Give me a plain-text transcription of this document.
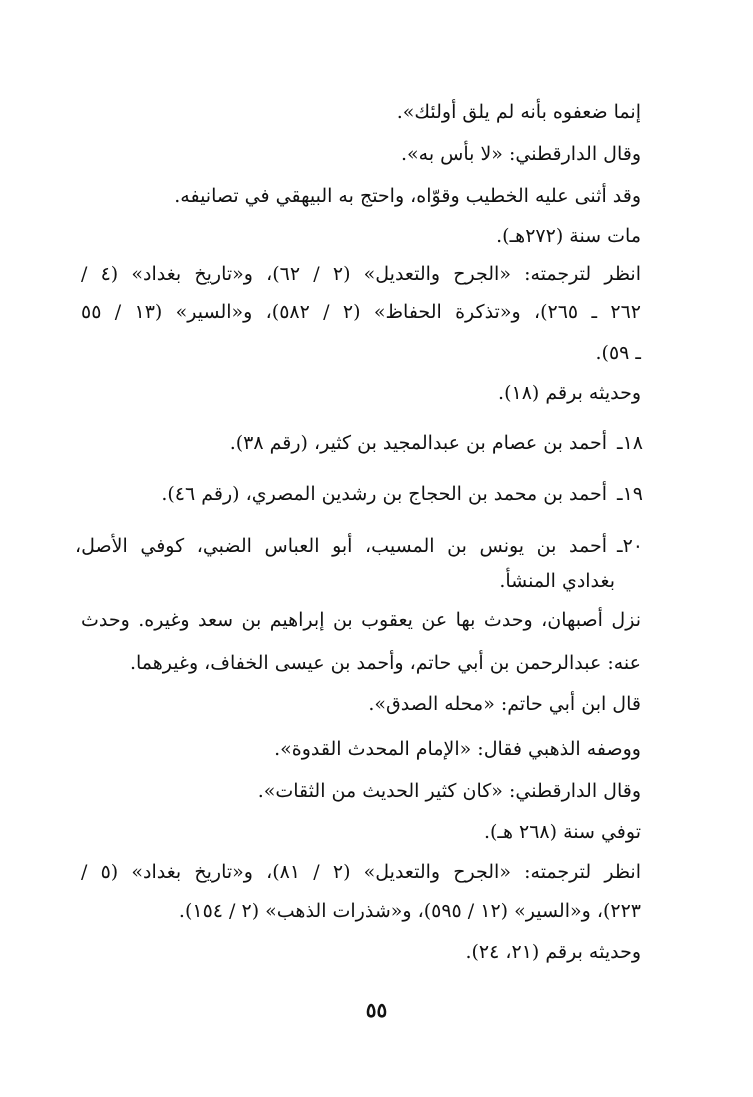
إنما ضعفوه بأنه لم يلق أولئك».
وقال الدارقطني: «لا بأس به».
وقد أثنى عليه الخطيب وقوّاه، واحتج به البيهقي في تصانيفه.
مات سنة (٢٧٢هـ).
انظر لترجمته: «الجرح والتعديل» (٢ / ٦٢)، و«تاريخ بغداد» (٤ /
٢٦٢ ـ ٢٦٥)، و«تذكرة الحفاظ» (٢ / ٥٨٢)، و«السير» (١٣ / ٥٥
ـ ٥٩).
وحديثه برقم (١٨).
١٨ـأحمد بن عصام بن عبدالمجيد بن كثير، (رقم ٣٨).
١٩ـأحمد بن محمد بن الحجاج بن رشدين المصري، (رقم ٤٦).
٢٠ـأحمد بن يونس بن المسيب، أبو العباس الضبي، كوفي الأصل،
بغدادي المنشأ.
نزل أصبهان، وحدث بها عن يعقوب بن إبراهيم بن سعد وغيره. وحدث
عنه: عبدالرحمن بن أبي حاتم، وأحمد بن عيسى الخفاف، وغيرهما.
قال ابن أبي حاتم: «محله الصدق».
ووصفه الذهبي فقال: «الإمام المحدث القدوة».
وقال الدارقطني: «كان كثير الحديث من الثقات».
توفي سنة (٢٦٨ هـ).
انظر لترجمته: «الجرح والتعديل» (٢ / ٨١)، و«تاريخ بغداد» (٥ /
٢٢٣)، و«السير» (١٢ / ٥٩٥)، و«شذرات الذهب» (٢ / ١٥٤).
وحديثه برقم (٢١، ٢٤).
٥٥
